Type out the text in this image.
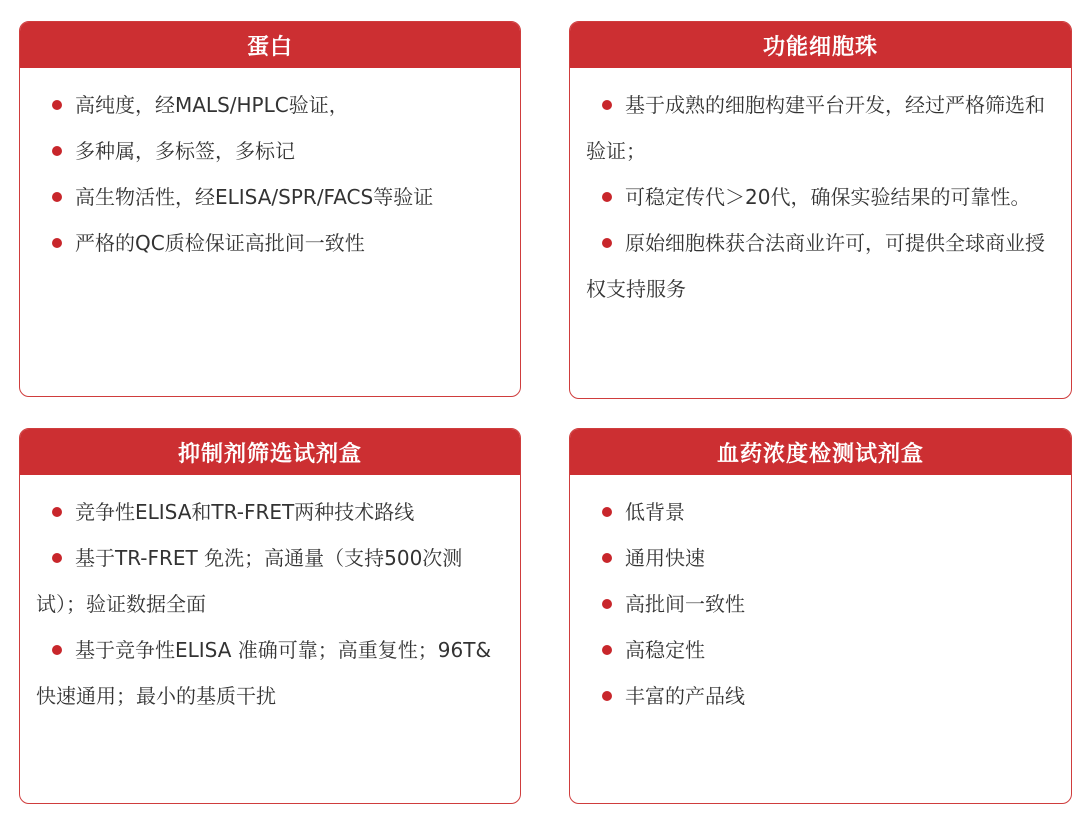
蛋白
高纯度，经MALS/HPLC验证，
多种属，多标签，多标记
高生物活性，经ELISA/SPR/FACS等验证
严格的QC质检保证高批间一致性
功能细胞珠
基于成熟的细胞构建平台开发，经过严格筛选和验证；
可稳定传代＞20代，确保实验结果的可靠性。
原始细胞株获合法商业许可，可提供全球商业授权支持服务
抑制剂筛选试剂盒
竞争性ELISA和TR-FRET两种技术路线
基于TR-FRET 免洗；高通量（支持500次测试）；验证数据全面
基于竞争性ELISA 准确可靠；高重复性；96T&快速通用；最小的基质干扰
血药浓度检测试剂盒
低背景
通用快速
高批间一致性
高稳定性
丰富的产品线
